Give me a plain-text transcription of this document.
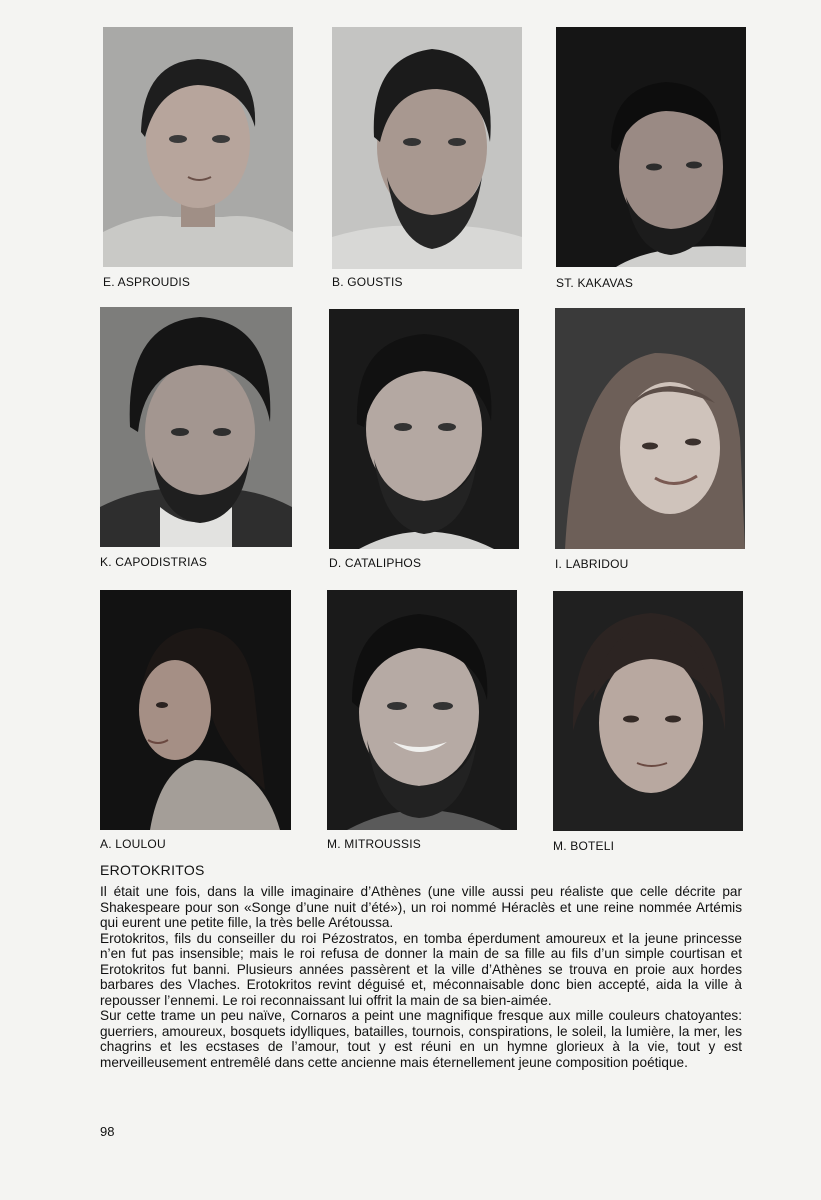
E. ASPROUDIS	B. GOUSTIS	ST. KAKAVAS
K. CAPODISTRIAS	D. CATALIPHOS	I. LABRIDOU
A. LOULOU	M. MITROUSSIS	M. BOTELI
EROTOKRITOS

Il était une fois, dans la ville imaginaire d’Athènes (une ville aussi peu réaliste que celle décrite par Shakespeare pour son «Songe d’une nuit d’été»), un roi nommé Héraclès et une reine nommée Artémis qui eurent une petite fille, la très belle Arétoussa.

Erotokritos, fils du conseiller du roi Pézostratos, en tomba éperdument amoureux et la jeune princesse n’en fut pas insensible; mais le roi refusa de donner la main de sa fille au fils d’un simple courtisan et Erotokritos fut banni. Plusieurs années passèrent et la ville d’Athènes se trouva en proie aux hordes barbares des Vlaches. Erotokritos revint déguisé et, méconnaisable donc bien accepté, aida la ville à repousser l’ennemi. Le roi reconnaissant lui offrit la main de sa bien-aimée.

Sur cette trame un peu naïve, Cornaros a peint une magnifique fresque aux mille couleurs chatoyantes: guerriers, amoureux, bosquets idylliques, batailles, tournois, conspirations, le soleil, la lumière, la mer, les chagrins et les ecstases de l’amour, tout y est réuni en un hymne glorieux à la vie, tout y est merveilleusement entremêlé dans cette ancienne mais éternellement jeune composition poétique.

98
